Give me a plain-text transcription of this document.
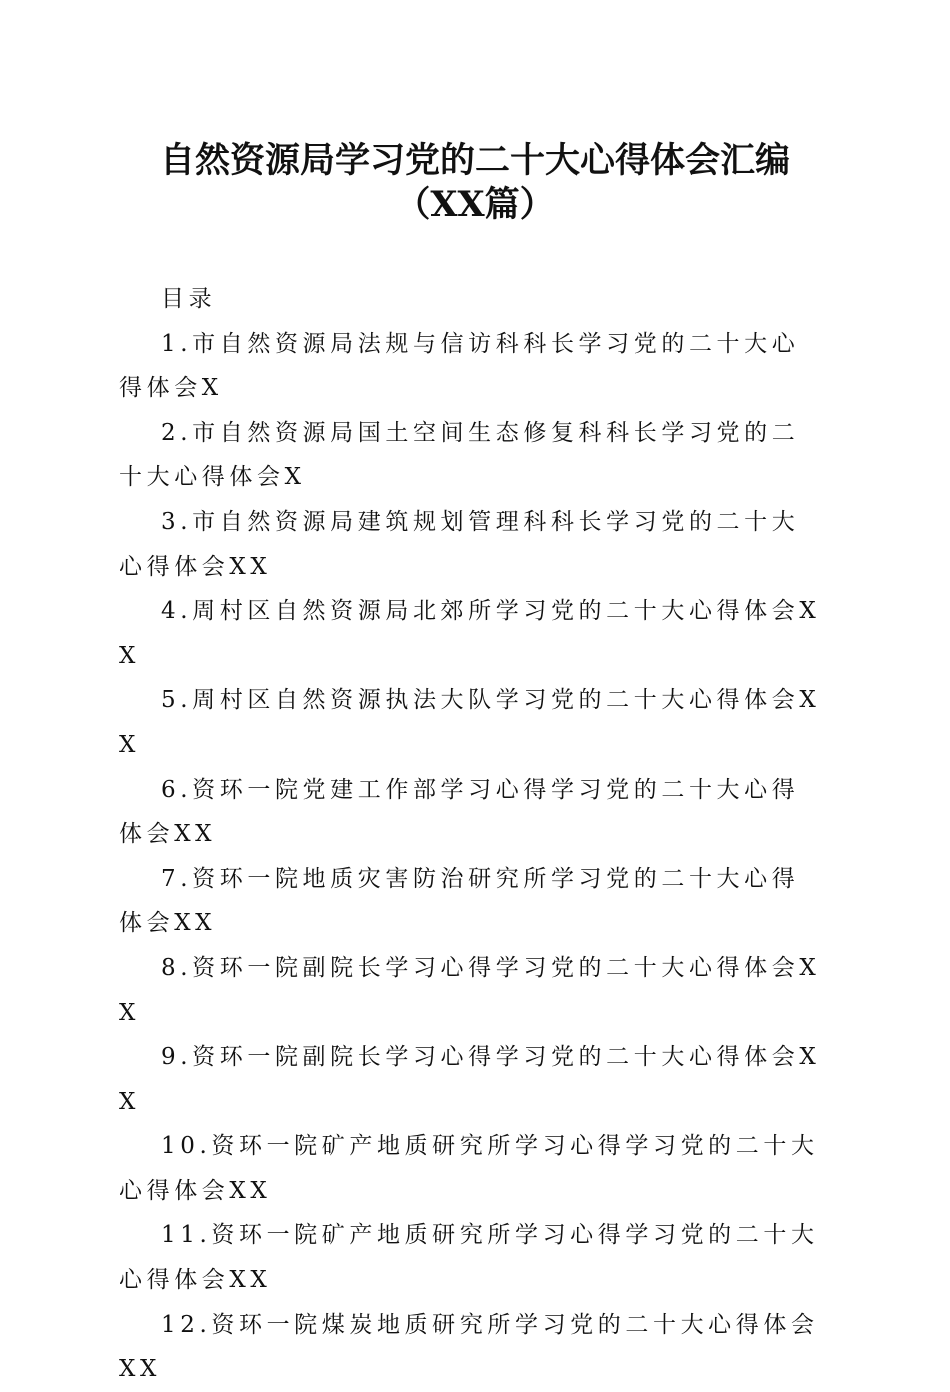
自然资源局学习党的二十大心得体会汇编
（XX篇）

目录

1.市自然资源局法规与信访科科长学习党的二十大心得体会X

2.市自然资源局国土空间生态修复科科长学习党的二十大心得体会X

3.市自然资源局建筑规划管理科科长学习党的二十大心得体会XX

4.周村区自然资源局北郊所学习党的二十大心得体会XX

5.周村区自然资源执法大队学习党的二十大心得体会XX

6.资环一院党建工作部学习心得学习党的二十大心得体会XX

7.资环一院地质灾害防治研究所学习党的二十大心得体会XX

8.资环一院副院长学习心得学习党的二十大心得体会XX

9.资环一院副院长学习心得学习党的二十大心得体会XX

10.资环一院矿产地质研究所学习心得学习党的二十大心得体会XX

11.资环一院矿产地质研究所学习心得学习党的二十大心得体会XX

12.资环一院煤炭地质研究所学习党的二十大心得体会XX
